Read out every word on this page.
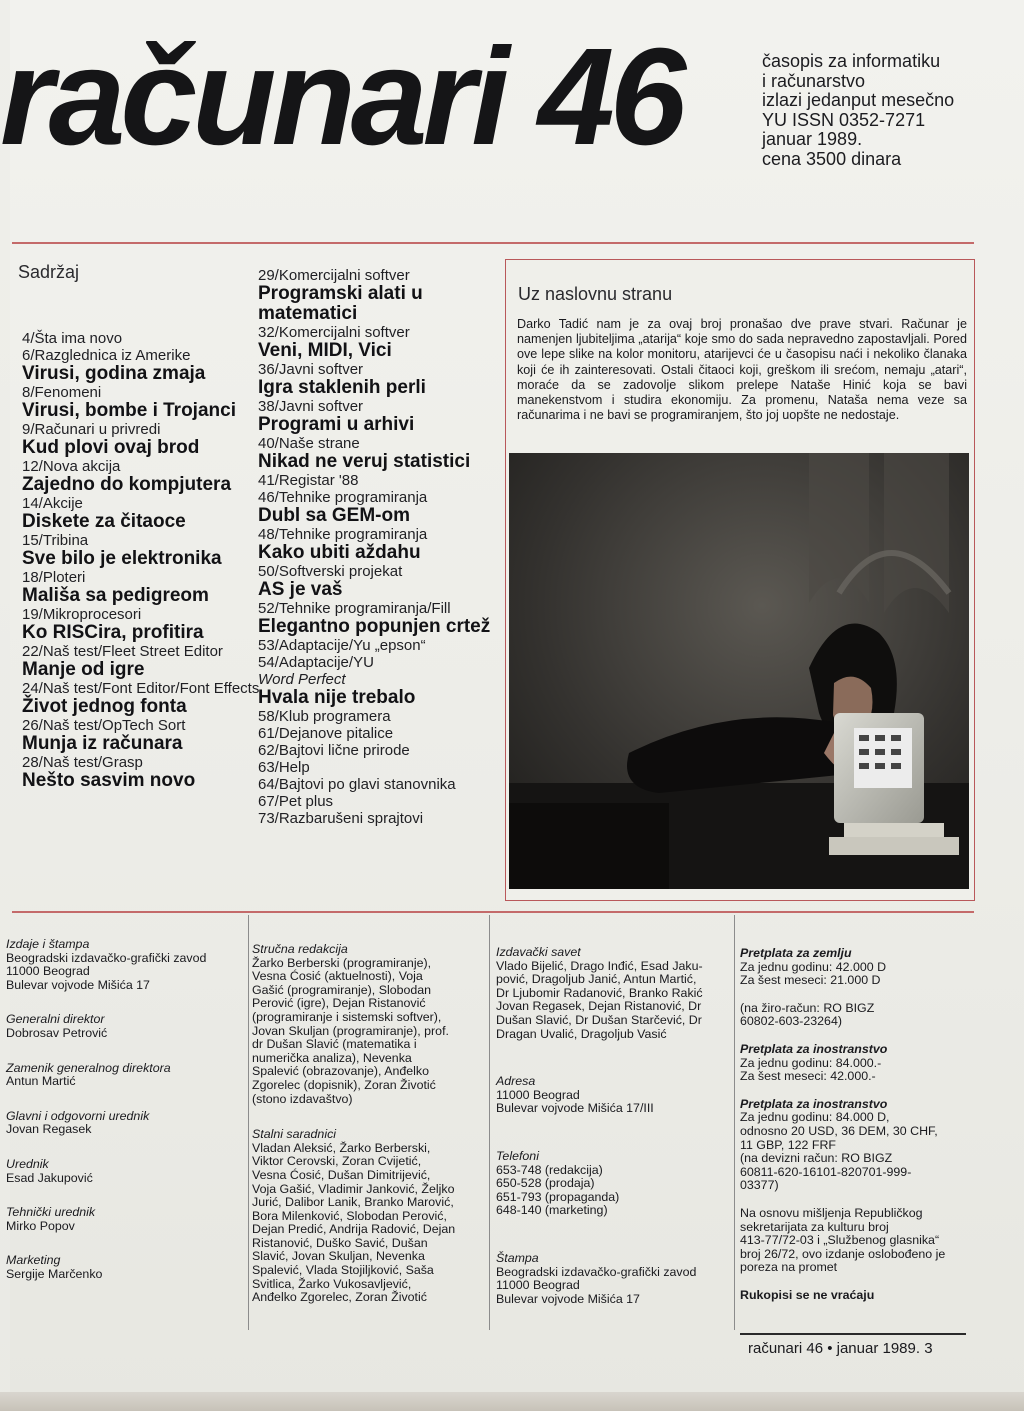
računari 46	časopis za informatiku
i računarstvo
izlazi jedanput mesečno
YU ISSN 0352-7271
januar 1989.
cena 3500 dinara
Sadržaj
4/Šta ima novo
6/Razglednica iz Amerike
Virusi, godina zmaja
8/Fenomeni
Virusi, bombe i Trojanci
9/Računari u privredi
Kud plovi ovaj brod
12/Nova akcija
Zajedno do kompjutera
14/Akcije
Diskete za čitaoce
15/Tribina
Sve bilo je elektronika
18/Ploteri
Mališa sa pedigreom
19/Mikroprocesori
Ko RISCira, profitira
22/Naš test/Fleet Street Editor
Manje od igre
24/Naš test/Font Editor/Font Effects
Život jednog fonta
26/Naš test/OpTech Sort
Munja iz računara
28/Naš test/Grasp
Nešto sasvim novo
29/Komercijalni softver
Programski alati u matematici
32/Komercijalni softver
Veni, MIDI, Vici
36/Javni softver
Igra staklenih perli
38/Javni softver
Programi u arhivi
40/Naše strane
Nikad ne veruj statistici
41/Registar '88
46/Tehnike programiranja
Dubl sa GEM-om
48/Tehnike programiranja
Kako ubiti aždahu
50/Softverski projekat
AS je vaš
52/Tehnike programiranja/Fill
Elegantno popunjen crtež
53/Adaptacije/Yu „epson“
54/Adaptacije/YU
Word Perfect
Hvala nije trebalo
58/Klub programera
61/Dejanove pitalice
62/Bajtovi lične prirode
63/Help
64/Bajtovi po glavi stanovnika
67/Pet plus
73/Razbarušeni sprajtovi
Uz naslovnu stranu
Darko Tadić nam je za ovaj broj pronašao dve prave stvari. Računar je namenjen ljubiteljima „atarija“ koje smo do sada nepravedno zapostavljali. Pored ove lepe slike na kolor monitoru, atarijevci će u časopisu naći i nekoliko članaka koji će ih zainteresovati. Ostali čitaoci koji, greškom ili srećom, nemaju „atari“, moraće da se zadovolje slikom prelepe Nataše Hinić koja se bavi manekenstvom i studira ekonomiju. Za promenu, Nataša nema veze sa računarima i ne bavi se programiranjem, što joj uopšte ne nedostaje.
Izdaje i štampa
Beogradski izdavačko-grafički zavod
11000 Beograd
Bulevar vojvode Mišića 17
Generalni direktor
Dobrosav Petrović
Zamenik generalnog direktora
Antun Martić
Glavni i odgovorni urednik
Jovan Regasek
Urednik
Esad Jakupović
Tehnički urednik
Mirko Popov
Marketing
Sergije Marčenko
Stručna redakcija
Žarko Berberski (programiranje),
Vesna Ćosić (aktuelnosti), Voja
Gašić (programiranje), Slobodan
Perović (igre), Dejan Ristanović
(programiranje i sistemski softver),
Jovan Skuljan (programiranje), prof.
dr Dušan Slavić (matematika i
numerička analiza), Nevenka
Spalević (obrazovanje), Anđelko
Zgorelec (dopisnik), Zoran Životić
(stono izdavaštvo)
Stalni saradnici
Vladan Aleksić, Žarko Berberski,
Viktor Cerovski, Zoran Cvijetić,
Vesna Ćosić, Dušan Dimitrijević,
Voja Gašić, Vladimir Janković, Željko
Jurić, Dalibor Lanik, Branko Marović,
Bora Milenković, Slobodan Perović,
Dejan Predić, Andrija Radović, Dejan
Ristanović, Duško Savić, Dušan
Slavić, Jovan Skuljan, Nevenka
Spalević, Vlada Stojiljković, Saša
Svitlica, Žarko Vukosavljević,
Anđelko Zgorelec, Zoran Životić
Izdavački savet
Vlado Bijelić, Drago Inđić, Esad Jaku-
pović, Dragoljub Janić, Antun Martić,
Dr Ljubomir Radanović, Branko Rakić
Jovan Regasek, Dejan Ristanović, Dr
Dušan Slavić, Dr Dušan Starčević, Dr
Dragan Uvalić, Dragoljub Vasić
Adresa
11000 Beograd
Bulevar vojvode Mišića 17/III
Telefoni
653-748 (redakcija)
650-528 (prodaja)
651-793 (propaganda)
648-140 (marketing)
Štampa
Beogradski izdavačko-grafički zavod
11000 Beograd
Bulevar vojvode Mišića 17
Pretplata za zemlju
Za jednu godinu: 42.000 D
Za šest meseci: 21.000 D
(na žiro-račun: RO BIGZ
60802-603-23264)
Pretplata za inostranstvo
Za jednu godinu: 84.000.-
Za šest meseci: 42.000.-
Pretplata za inostranstvo
Za jednu godinu: 84.000 D,
odnosno 20 USD, 36 DEM, 30 CHF,
11 GBP, 122 FRF
(na devizni račun: RO BIGZ
60811-620-16101-820701-999-
03377)
Na osnovu mišljenja Republičkog
sekretarijata za kulturu broj
413-77/72-03 i „Službenog glasnika“
broj 26/72, ovo izdanje oslobođeno je
poreza na promet
Rukopisi se ne vraćaju
računari 46 • januar 1989. 3
